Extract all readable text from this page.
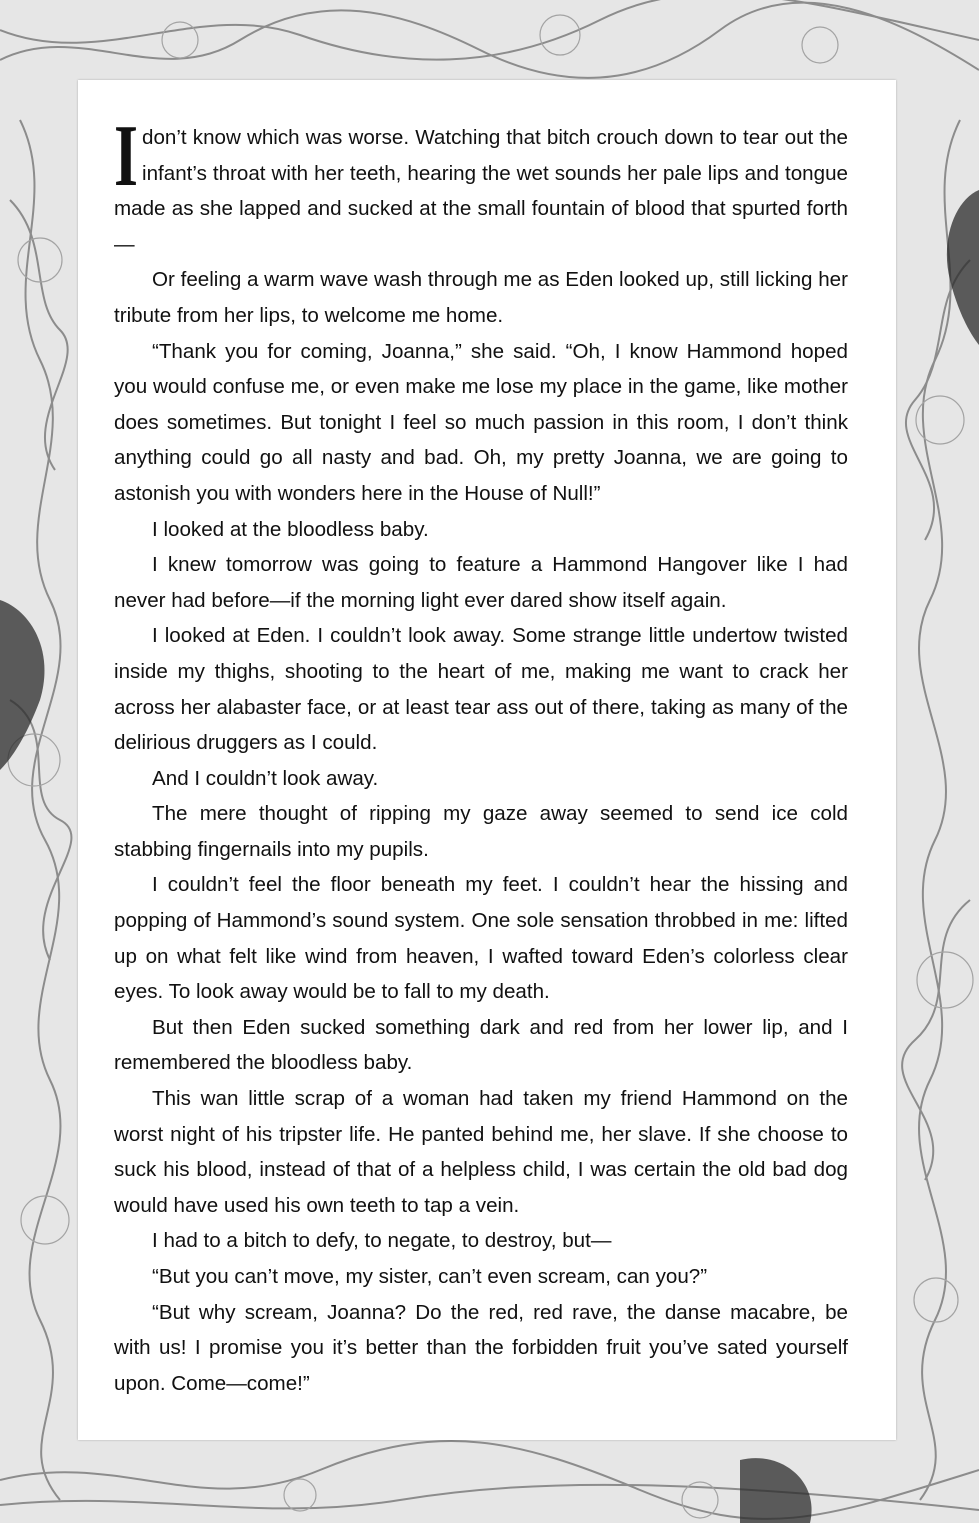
Idon’t know which was worse. Watching that bitch crouch down to tear out the infant’s throat with her teeth, hearing the wet sounds her pale lips and tongue made as she lapped and sucked at the small fountain of blood that spurted forth—

Or feeling a warm wave wash through me as Eden looked up, still licking her tribute from her lips, to welcome me home.

“Thank you for coming, Joanna,” she said. “Oh, I know Hammond hoped you would confuse me, or even make me lose my place in the game, like mother does sometimes. But tonight I feel so much passion in this room, I don’t think anything could go all nasty and bad. Oh, my pretty Joanna, we are going to astonish you with wonders here in the House of Null!”

I looked at the bloodless baby.

I knew tomorrow was going to feature a Hammond Hangover like I had never had before—if the morning light ever dared show itself again.

I looked at Eden. I couldn’t look away. Some strange little undertow twisted inside my thighs, shooting to the heart of me, making me want to crack her across her alabaster face, or at least tear ass out of there, taking as many of the delirious druggers as I could.

And I couldn’t look away.

The mere thought of ripping my gaze away seemed to send ice cold stabbing fingernails into my pupils.

I couldn’t feel the floor beneath my feet. I couldn’t hear the hissing and popping of Hammond’s sound system. One sole sensation throbbed in me: lifted up on what felt like wind from heaven, I wafted toward Eden’s colorless clear eyes. To look away would be to fall to my death.

But then Eden sucked something dark and red from her lower lip, and I remembered the bloodless baby.

This wan little scrap of a woman had taken my friend Hammond on the worst night of his tripster life. He panted behind me, her slave. If she choose to suck his blood, instead of that of a helpless child, I was certain the old bad dog would have used his own teeth to tap a vein.

I had to a bitch to defy, to negate, to destroy, but—

“But you can’t move, my sister, can’t even scream, can you?”

“But why scream, Joanna? Do the red, red rave, the danse macabre, be with us! I promise you it’s better than the forbidden fruit you’ve sated yourself upon. Come—come!”
